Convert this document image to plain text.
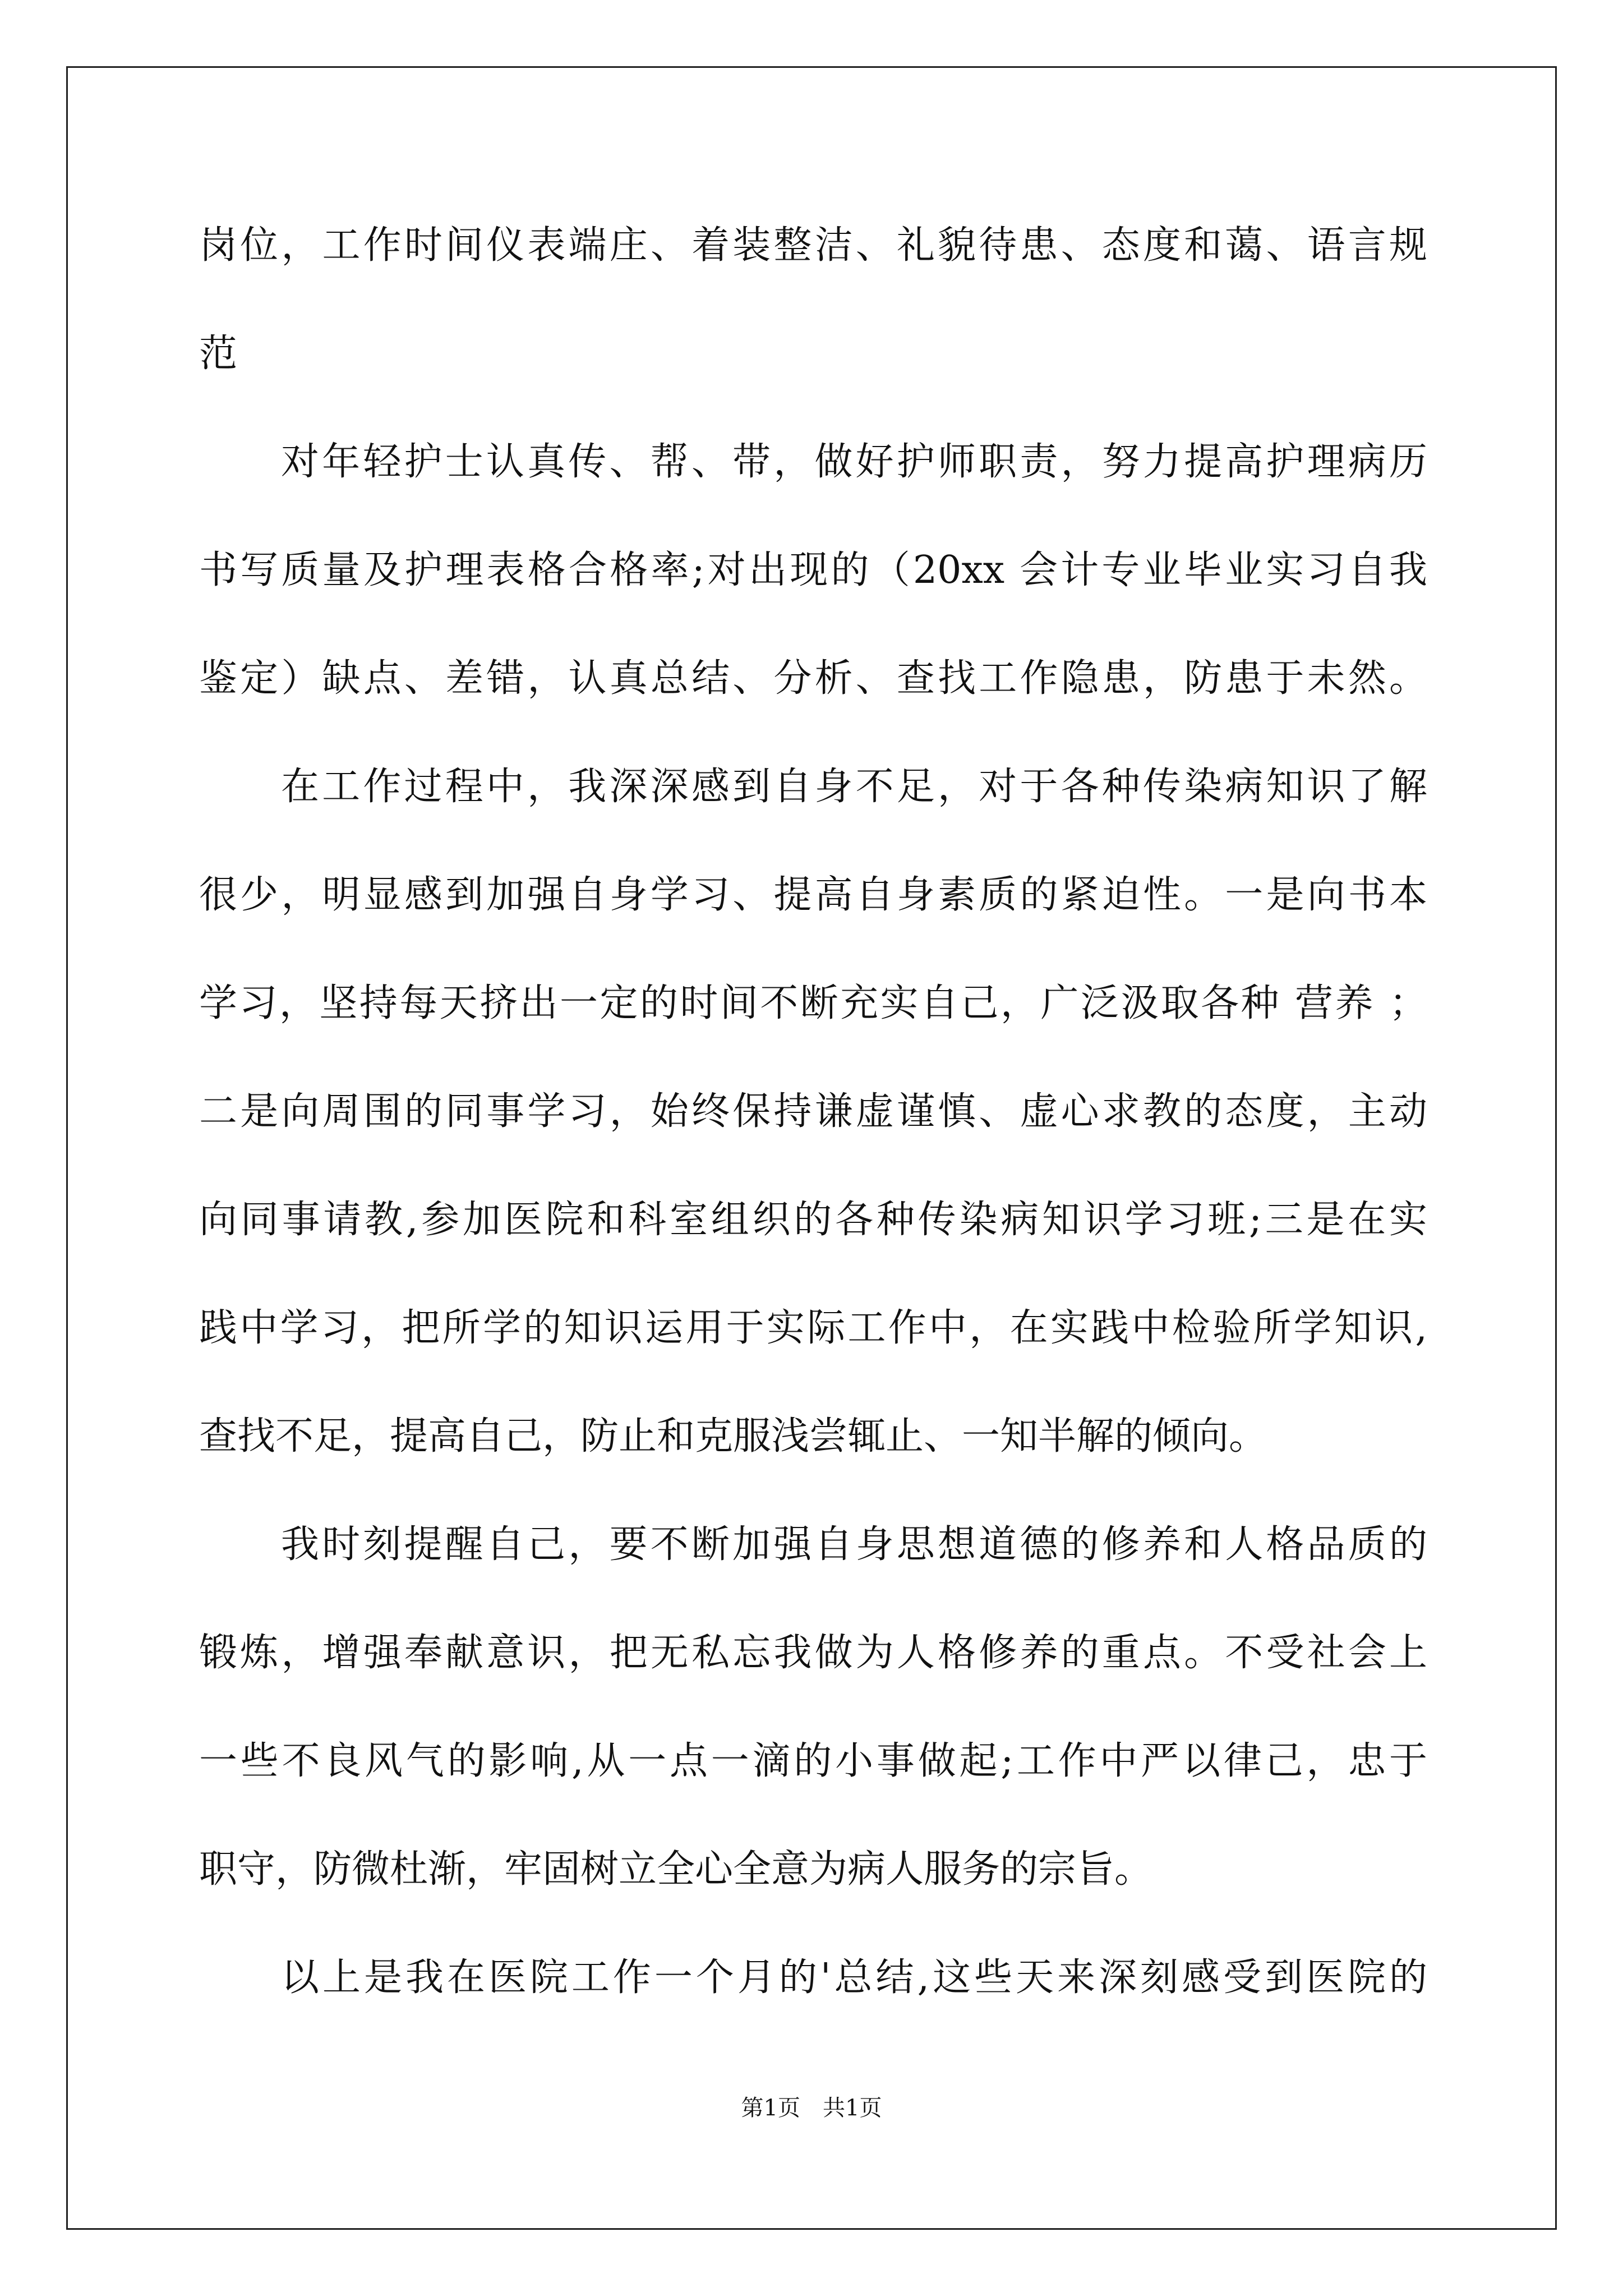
岗位，工作时间仪表端庄、着装整洁、礼貌待患、态度和蔼、语言规
范
对年轻护士认真传、帮、带，做好护师职责，努力提高护理病历
书写质量及护理表格合格率;对出现的（20xx 会计专业毕业实习自我
鉴定）缺点、差错，认真总结、分析、查找工作隐患，防患于未然。
在工作过程中，我深深感到自身不足，对于各种传染病知识了解
很少，明显感到加强自身学习、提高自身素质的紧迫性。一是向书本
学习，坚持每天挤出一定的时间不断充实自己，广泛汲取各种 营养 ；
二是向周围的同事学习，始终保持谦虚谨慎、虚心求教的态度，主动
向同事请教,参加医院和科室组织的各种传染病知识学习班;三是在实
践中学习，把所学的知识运用于实际工作中，在实践中检验所学知识,
查找不足，提高自己，防止和克服浅尝辄止、一知半解的倾向。
我时刻提醒自己，要不断加强自身思想道德的修养和人格品质的
锻炼，增强奉献意识，把无私忘我做为人格修养的重点。不受社会上
一些不良风气的影响,从一点一滴的小事做起;工作中严以律己，忠于
职守，防微杜渐，牢固树立全心全意为病人服务的宗旨。
以上是我在医院工作一个月的'总结,这些天来深刻感受到医院的
第1页　共1页
